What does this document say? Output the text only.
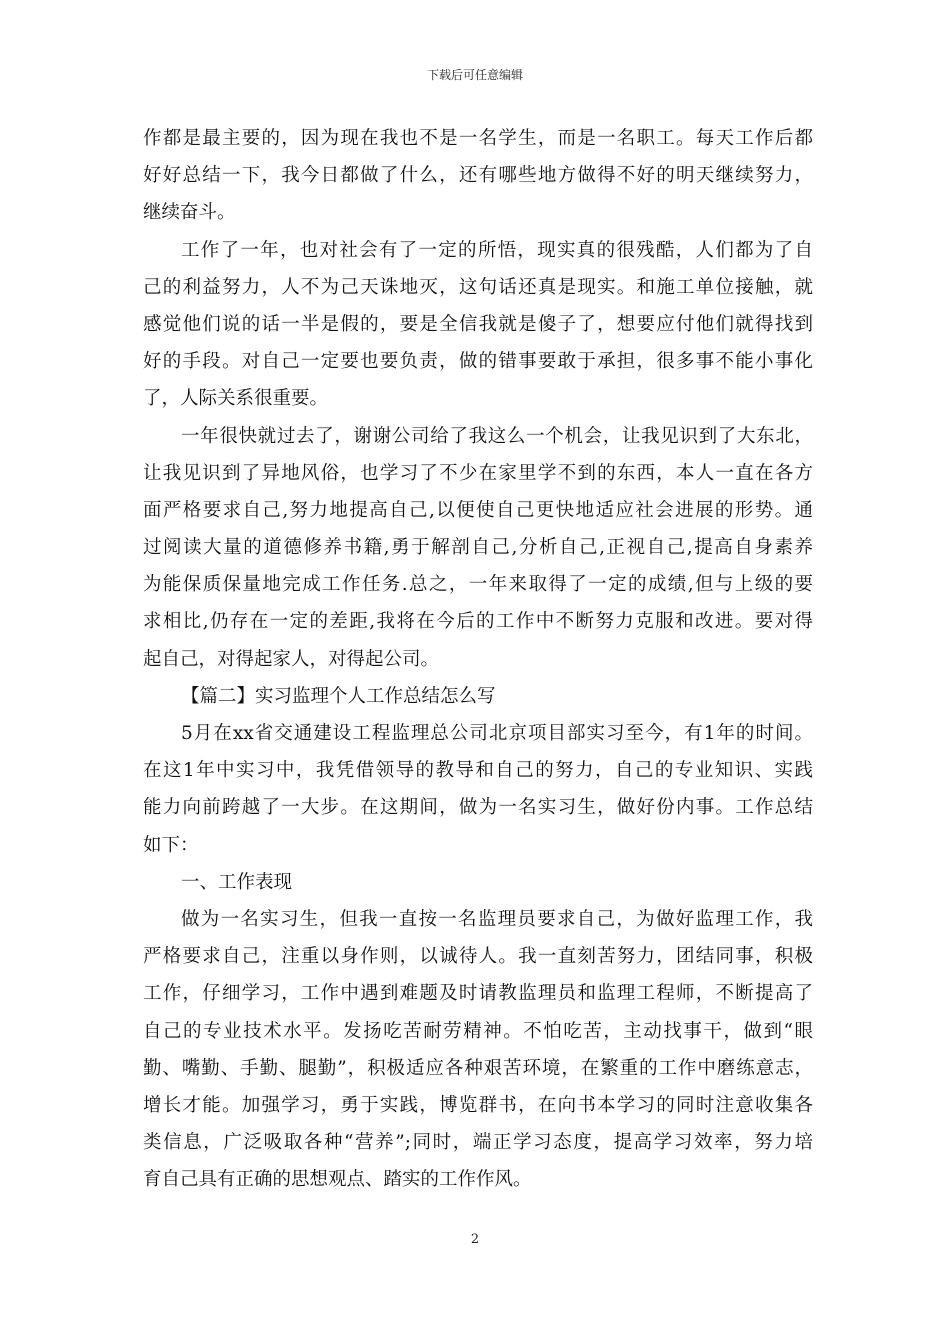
下载后可任意编辑
作都是最主要的，因为现在我也不是一名学生，而是一名职工。每天工作后都
好好总结一下，我今日都做了什么，还有哪些地方做得不好的明天继续努力，
继续奋斗。
工作了一年，也对社会有了一定的所悟，现实真的很残酷，人们都为了自
己的利益努力，人不为己天诛地灭，这句话还真是现实。和施工单位接触，就
感觉他们说的话一半是假的，要是全信我就是傻子了，想要应付他们就得找到
好的手段。对自己一定要也要负责，做的错事要敢于承担，很多事不能小事化
了，人际关系很重要。
一年很快就过去了，谢谢公司给了我这么一个机会，让我见识到了大东北，
让我见识到了异地风俗，也学习了不少在家里学不到的东西，本人一直在各方
面严格要求自己,努力地提高自己,以便使自己更快地适应社会进展的形势。通
过阅读大量的道德修养书籍,勇于解剖自己,分析自己,正视自己,提高自身素养
为能保质保量地完成工作任务.总之，一年来取得了一定的成绩,但与上级的要
求相比,仍存在一定的差距,我将在今后的工作中不断努力克服和改进。要对得
起自己，对得起家人，对得起公司。
【篇二】实习监理个人工作总结怎么写
5月在xx省交通建设工程监理总公司北京项目部实习至今，有1年的时间。
在这1年中实习中，我凭借领导的教导和自己的努力，自己的专业知识、实践
能力向前跨越了一大步。在这期间，做为一名实习生，做好份内事。工作总结
如下：
一、工作表现
做为一名实习生，但我一直按一名监理员要求自己，为做好监理工作，我
严格要求自己，注重以身作则，以诚待人。我一直刻苦努力，团结同事，积极
工作，仔细学习，工作中遇到难题及时请教监理员和监理工程师，不断提高了
自己的专业技术水平。发扬吃苦耐劳精神。不怕吃苦，主动找事干，做到“眼
勤、嘴勤、手勤、腿勤”，积极适应各种艰苦环境，在繁重的工作中磨练意志，
增长才能。加强学习，勇于实践，博览群书，在向书本学习的同时注意收集各
类信息，广泛吸取各种“营养”;同时，端正学习态度，提高学习效率，努力培
育自己具有正确的思想观点、踏实的工作作风。
2
